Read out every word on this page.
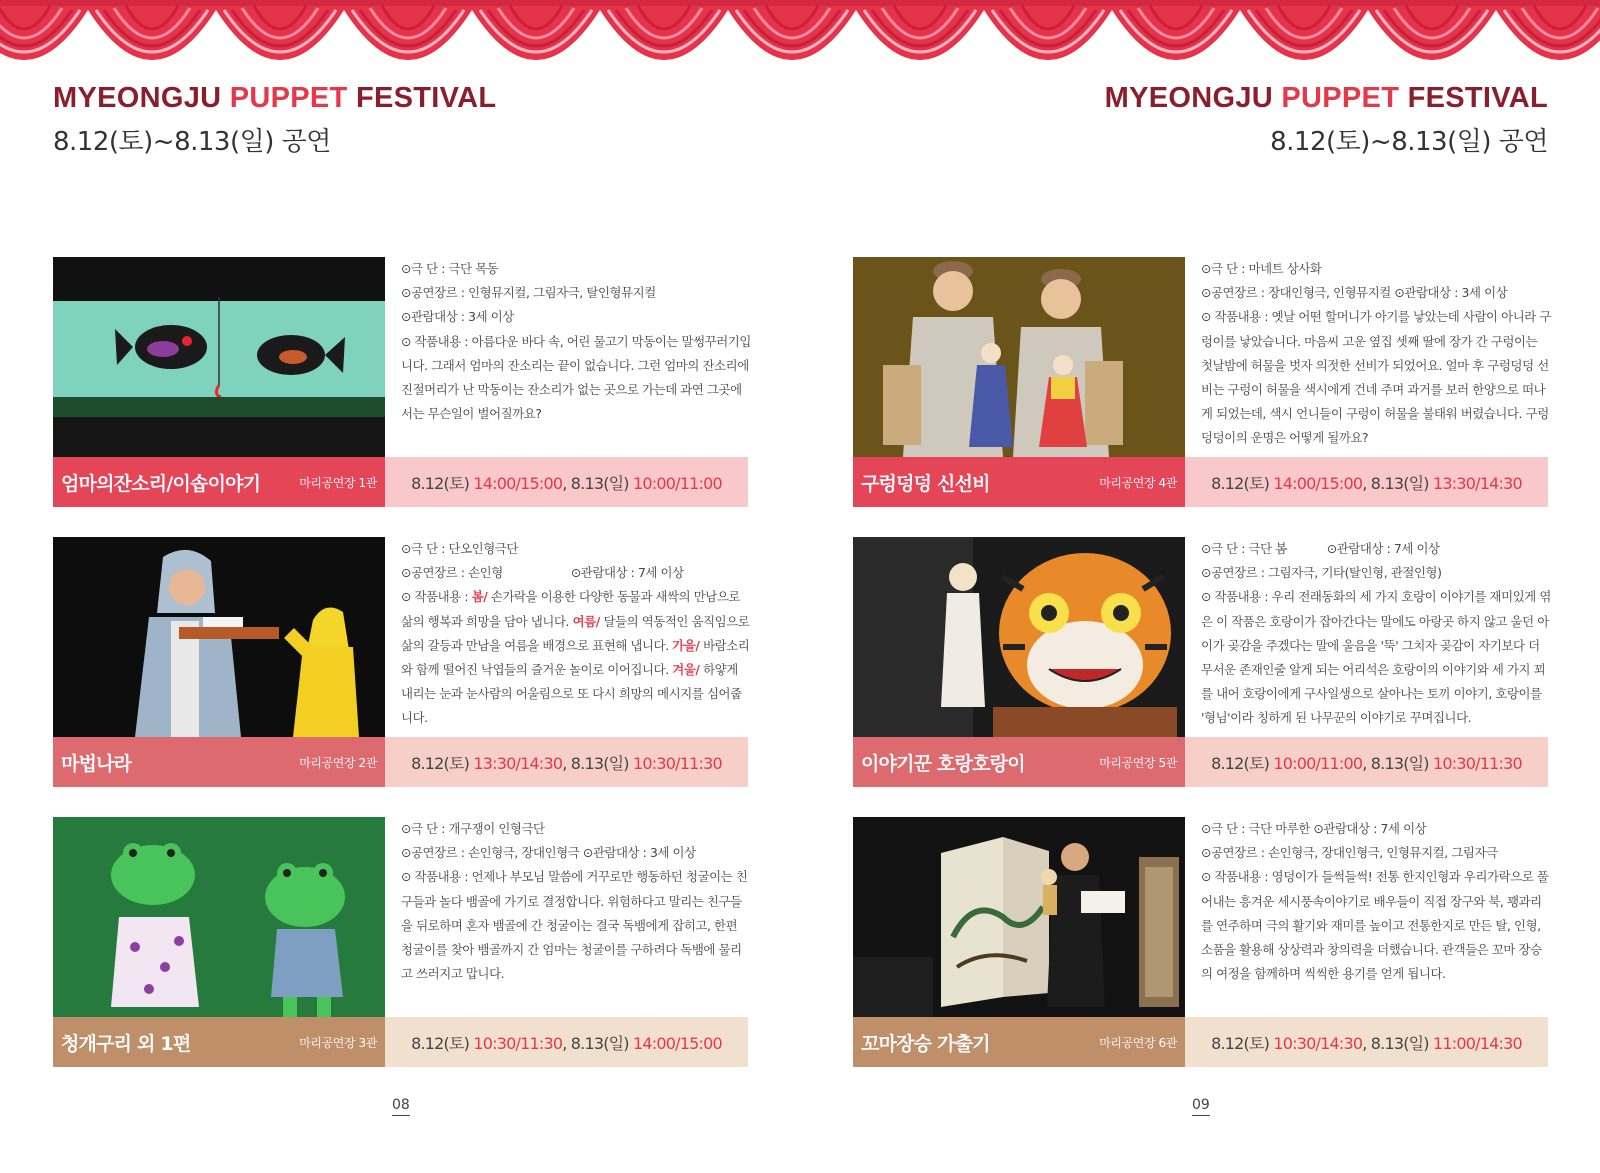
MYEONGJU PUPPET FESTIVAL
8.12(토)~8.13(일) 공연
MYEONGJU PUPPET FESTIVAL
8.12(토)~8.13(일) 공연

⊙극 단 : 극단 목동

⊙공연장르 : 인형뮤지컬, 그림자극, 탈인형뮤지컬

⊙관람대상 : 3세 이상

⊙ 작품내용 : 아름다운 바다 속, 어린 물고기 막동이는 말썽꾸러기입니다. 그래서 엄마의 잔소리는 끝이 없습니다. 그런 엄마의 잔소리에 진절머리가 난 막동이는 잔소리가 없는 곳으로 가는데 과연 그곳에서는 무슨일이 벌어질까요?

엄마의잔소리/이솝이야기	마리공연장 1관	8.12(토) 14:00/15:00, 8.13(일) 10:00/11:00

⊙극 단 : 단오인형극단

⊙공연장르 : 손인형	⊙관람대상 : 7세 이상

⊙ 작품내용 : 봄/ 손가락을 이용한 다양한 동물과 새싹의 만남으로 삶의 행복과 희망을 담아 냅니다. 여름/ 달들의 역동적인 움직임으로 삶의 갈등과 만남을 여름을 배경으로 표현해 냅니다. 가을/ 바람소리와 함께 떨어진 낙엽들의 즐거운 놀이로 이어집니다. 겨울/ 하얗게 내리는 눈과 눈사람의 어울림으로 또 다시 희망의 메시지를 심어줍니다.

마법나라	마리공연장 2관	8.12(토) 13:30/14:30, 8.13(일) 10:30/11:30

⊙극 단 : 개구쟁이 인형극단

⊙공연장르 : 손인형극, 장대인형극 ⊙관람대상 : 3세 이상

⊙ 작품내용 : 언제나 부모님 말씀에 거꾸로만 행동하던 청굴이는 친구들과 놀다 뱀골에 가기로 결정합니다. 위험하다고 말리는 친구들을 뒤로하며 혼자 뱀골에 간 청굴이는 결국 독뱀에게 잡히고, 한편 청굴이를 찾아 뱀골까지 간 엄마는 청굴이를 구하려다 독뱀에 물리고 쓰러지고 맙니다.

청개구리 외 1편	마리공연장 3관	8.12(토) 10:30/11:30, 8.13(일) 14:00/15:00

⊙극 단 : 마네트 상사화

⊙공연장르 : 장대인형극, 인형뮤지컬 ⊙관람대상 : 3세 이상

⊙ 작품내용 : 옛날 어떤 할머니가 아기를 낳았는데 사람이 아니라 구렁이를 낳았습니다. 마음씨 고운 옆집 셋째 딸에 장가 간 구렁이는 첫날밤에 허물을 벗자 의젓한 선비가 되었어요. 얼마 후 구렁덩덩 선비는 구렁이 허물을 색시에게 건네 주며 과거를 보러 한양으로 떠나게 되었는데, 색시 언니들이 구렁이 허물을 불태워 버렸습니다. 구렁덩덩이의 운명은 어떻게 될까요?

구렁덩덩 신선비	마리공연장 4관	8.12(토) 14:00/15:00, 8.13(일) 13:30/14:30

⊙극 단 : 극단 봄	⊙관람대상 : 7세 이상

⊙공연장르 : 그림자극, 기타(탈인형, 관절인형)

⊙ 작품내용 : 우리 전래동화의 세 가지 호랑이 이야기를 재미있게 엮은 이 작품은 호랑이가 잡아간다는 말에도 아랑곳 하지 않고 울던 아이가 곶감을 주겠다는 말에 울음을 '뚝' 그치자 곶감이 자기보다 더 무서운 존재인줄 알게 되는 어리석은 호랑이의 이야기와 세 가지 꾀를 내어 호랑이에게 구사일생으로 살아나는 토끼 이야기, 호랑이를 '형님'이라 칭하게 된 나무꾼의 이야기로 꾸며집니다.

이야기꾼 호랑호랑이	마리공연장 5관	8.12(토) 10:00/11:00, 8.13(일) 10:30/11:30

⊙극 단 : 극단 마루한 ⊙관람대상 : 7세 이상

⊙공연장르 : 손인형극, 장대인형극, 인형뮤지컬, 그림자극

⊙ 작품내용 : 영덩이가 들썩들썩! 전통 한지인형과 우리가락으로 풀어내는 흥겨운 세시풍속이야기로 배우들이 직접 장구와 북, 꽹과리를 연주하며 극의 활기와 재미를 높이고 전통한지로 만든 탈, 인형, 소품을 활용해 상상력과 창의력을 더했습니다. 관객들은 꼬마 장승의 여정을 함께하며 씩씩한 용기를 얻게 됩니다.

꼬마장승 가출기	마리공연장 6관	8.12(토) 10:30/14:30, 8.13(일) 11:00/14:30
08	09
